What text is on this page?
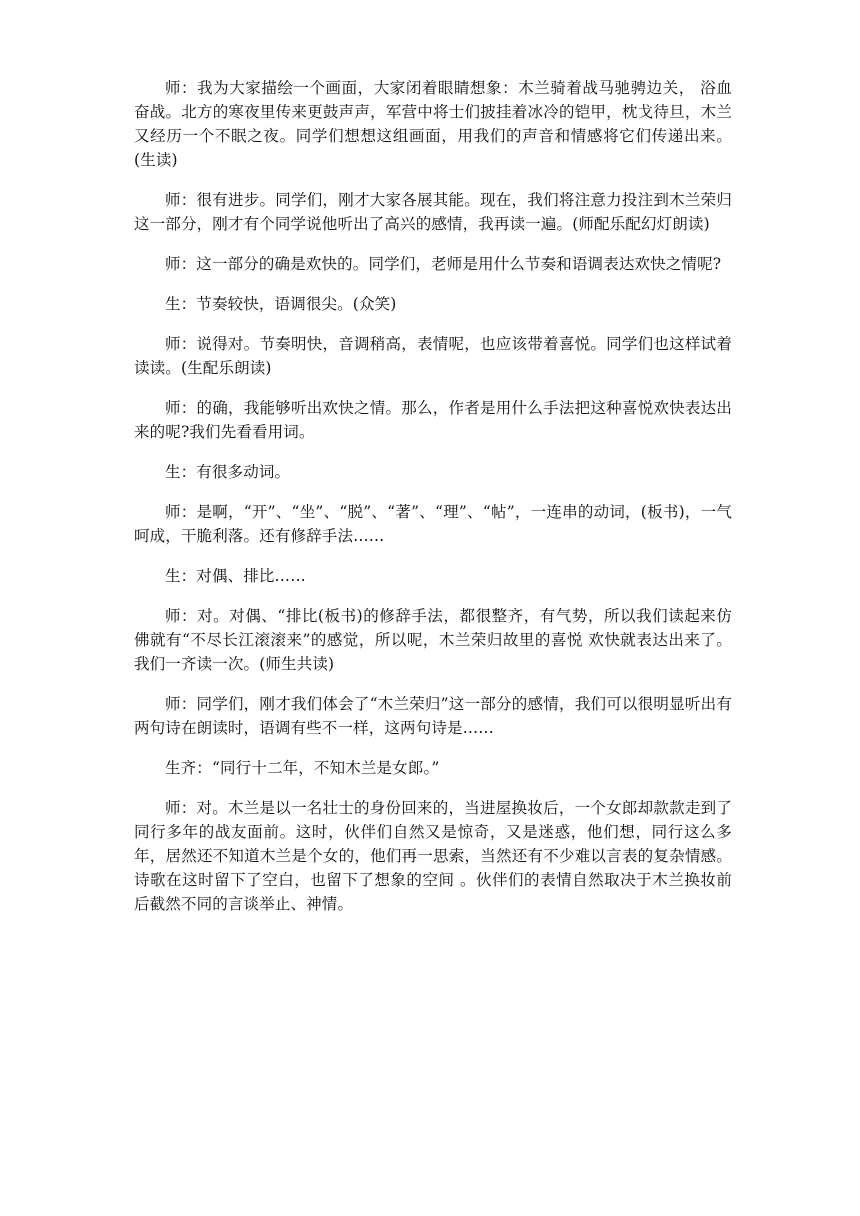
师：我为大家描绘一个画面，大家闭着眼睛想象：木兰骑着战马驰骋边关， 浴血奋战。北方的寒夜里传来更鼓声声，军营中将士们披挂着冰冷的铠甲，枕戈待旦，木兰又经历一个不眠之夜。同学们想想这组画面，用我们的声音和情感将它们传递出来。(生读)

师：很有进步。同学们，刚才大家各展其能。现在，我们将注意力投注到木兰荣归这一部分，刚才有个同学说他听出了高兴的感情，我再读一遍。(师配乐配幻灯朗读)

师：这一部分的确是欢快的。同学们，老师是用什么节奏和语调表达欢快之情呢?

生：节奏较快，语调很尖。(众笑)

师：说得对。节奏明快，音调稍高，表情呢，也应该带着喜悦。同学们也这样试着读读。(生配乐朗读)

师：的确，我能够听出欢快之情。那么，作者是用什么手法把这种喜悦欢快表达出来的呢?我们先看看用词。

生：有很多动词。

师：是啊，“开”、“坐”、“脱”、“著”、“理”、“帖”，一连串的动词，(板书)，一气呵成，干脆利落。还有修辞手法……

生：对偶、排比……

师：对。对偶、“排比(板书)的修辞手法，都很整齐，有气势，所以我们读起来仿佛就有“不尽长江滚滚来”的感觉，所以呢，木兰荣归故里的喜悦 欢快就表达出来了。我们一齐读一次。(师生共读)

师：同学们，刚才我们体会了“木兰荣归”这一部分的感情，我们可以很明显听出有两句诗在朗读时，语调有些不一样，这两句诗是……

生齐：“同行十二年，不知木兰是女郎。”

师：对。木兰是以一名壮士的身份回来的，当进屋换妆后，一个女郎却款款走到了同行多年的战友面前。这时，伙伴们自然又是惊奇，又是迷惑，他们想，同行这么多年，居然还不知道木兰是个女的，他们再一思索，当然还有不少难以言表的复杂情感。诗歌在这时留下了空白，也留下了想象的空间 。伙伴们的表情自然取决于木兰换妆前后截然不同的言谈举止、神情。
